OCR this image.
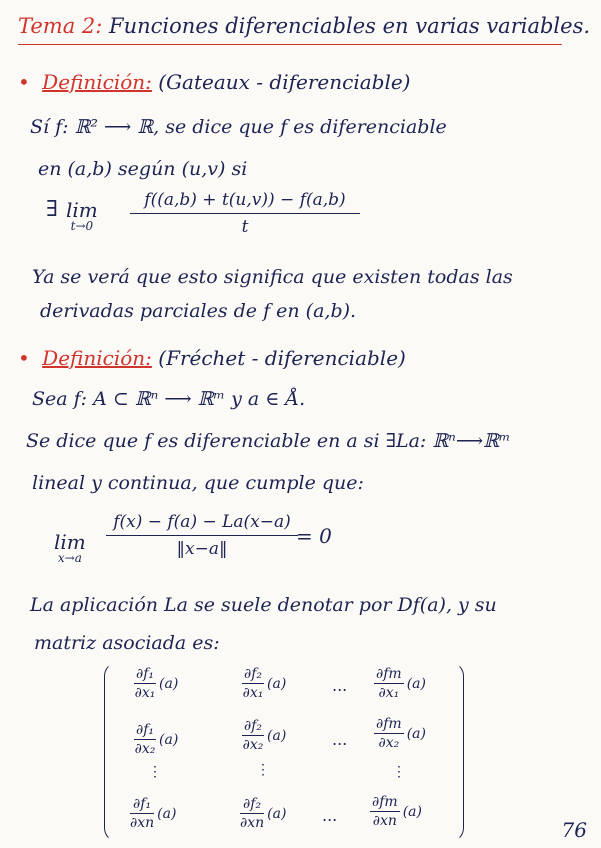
Tema 2: Funciones diferenciables en varias variables.
• Definición: (Gateaux - diferenciable)
Sí f: ℝ² ⟶ ℝ, se dice que f es diferenciable
en (a,b) según (u,v) si
∃ lim
$t\to 0 \frac{f((a,b) + t(u,v)) - f(a,b)}{t}$
Ya se verá que esto significa que existen todas las
derivadas parciales de f en (a,b).
• Definición: (Fréchet - diferenciable)
Sea f: A ⊂ ℝⁿ ⟶ ℝᵐ y a ∈ Å.
Se dice que f es diferenciable en a si ∃La: ℝⁿ⟶ℝᵐ
lineal y continua, que cumple que:
lim
$x\to a \frac{f(x) - f(a) - La(x-a)}{‖x-a‖}$
= 0
La aplicación La se suele denotar por Df(a), y su
matriz asociada es:
$\frac{\text{∂f₁}}{\text{∂x₁}} (a)$	$\frac{\text{∂f₂}}{\text{∂x₁}} (a)$	... $\frac{\partial fm}{\text{∂x₁}} (a)$
$\frac{\text{∂f₁}}{\text{∂x₂}} (a)$	$\frac{\text{∂f₂}}{\text{∂x₂}} (a)$	... $\frac{\partial fm}{\text{∂x₂}} (a)$
⋮	⋮	⋮
$\frac{\text{∂f₁}}{\partial xn} (a)$	$\frac{\text{∂f₂}}{\partial xn} (a)$ ... $\frac{\partial fm}{\partial xn} (a)$
76
